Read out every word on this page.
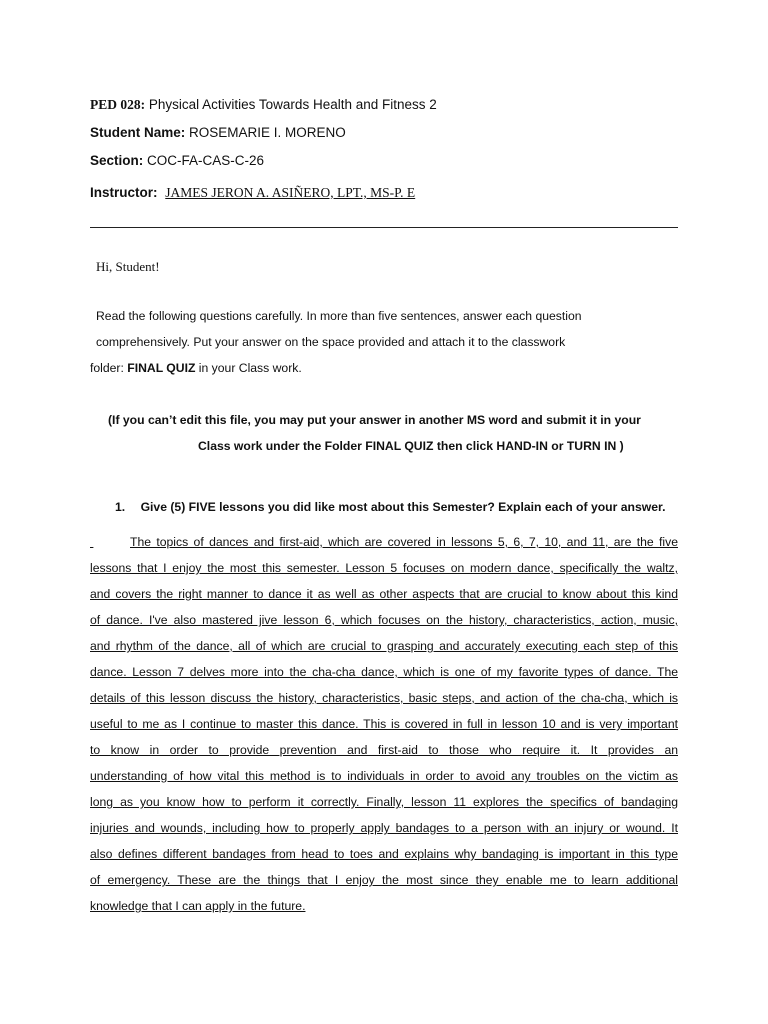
PED 028: Physical Activities Towards Health and Fitness 2
Student Name: ROSEMARIE I. MORENO
Section: COC-FA-CAS-C-26
Instructor: JAMES JERON A. ASIÑERO, LPT., MS-P. E
Hi, Student!
Read the following questions carefully. In more than five sentences, answer each question
comprehensively. Put your answer on the space provided and attach it to the classwork
folder: FINAL QUIZ in your Class work.
(If you can’t edit this file, you may put your answer in another MS word and submit it in your
Class work under the Folder FINAL QUIZ then click HAND-IN or TURN IN )
1. Give (5) FIVE lessons you did like most about this Semester? Explain each of your answer.
The topics of dances and first-aid, which are covered in lessons 5, 6, 7, 10, and 11, are the five
lessons that I enjoy the most this semester. Lesson 5 focuses on modern dance, specifically the waltz,
and covers the right manner to dance it as well as other aspects that are crucial to know about this kind
of dance. I've also mastered jive lesson 6, which focuses on the history, characteristics, action, music,
and rhythm of the dance, all of which are crucial to grasping and accurately executing each step of this
dance. Lesson 7 delves more into the cha-cha dance, which is one of my favorite types of dance. The
details of this lesson discuss the history, characteristics, basic steps, and action of the cha-cha, which is
useful to me as I continue to master this dance. This is covered in full in lesson 10 and is very important
to know in order to provide prevention and first-aid to those who require it. It provides an
understanding of how vital this method is to individuals in order to avoid any troubles on the victim as
long as you know how to perform it correctly. Finally, lesson 11 explores the specifics of bandaging
injuries and wounds, including how to properly apply bandages to a person with an injury or wound. It
also defines different bandages from head to toes and explains why bandaging is important in this type
of emergency. These are the things that I enjoy the most since they enable me to learn additional
knowledge that I can apply in the future.
